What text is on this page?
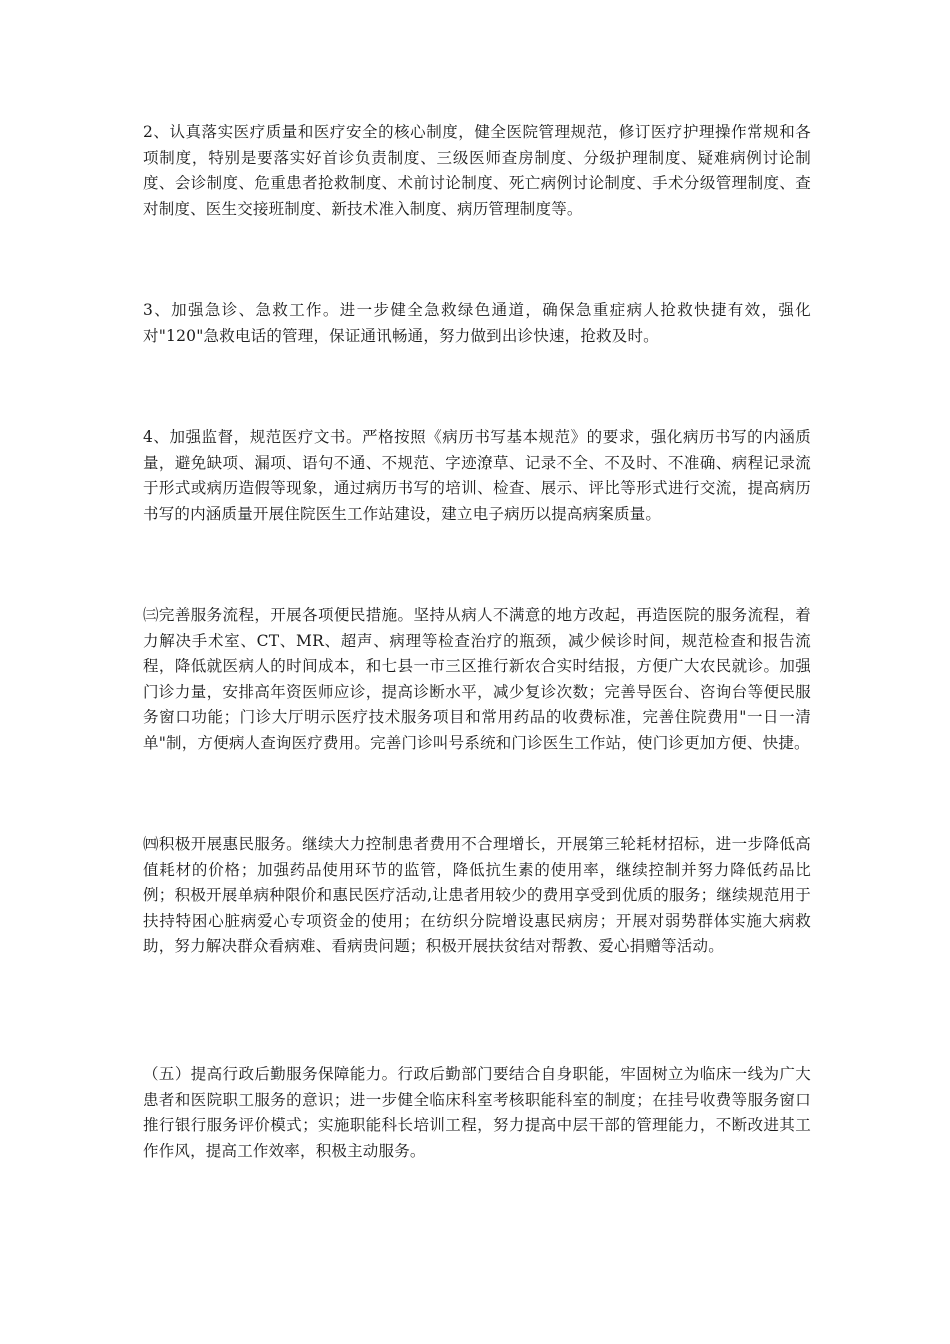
2、认真落实医疗质量和医疗安全的核心制度，健全医院管理规范，修订医疗护理操作常规和各项制度，特别是要落实好首诊负责制度、三级医师查房制度、分级护理制度、疑难病例讨论制度、会诊制度、危重患者抢救制度、术前讨论制度、死亡病例讨论制度、手术分级管理制度、查对制度、医生交接班制度、新技术准入制度、病历管理制度等。

3、加强急诊、急救工作。进一步健全急救绿色通道，确保急重症病人抢救快捷有效，强化对"120"急救电话的管理，保证通讯畅通，努力做到出诊快速，抢救及时。

4、加强监督，规范医疗文书。严格按照《病历书写基本规范》的要求，强化病历书写的内涵质量，避免缺项、漏项、语句不通、不规范、字迹潦草、记录不全、不及时、不准确、病程记录流于形式或病历造假等现象，通过病历书写的培训、检查、展示、评比等形式进行交流，提高病历书写的内涵质量开展住院医生工作站建设，建立电子病历以提高病案质量。

㈢完善服务流程，开展各项便民措施。坚持从病人不满意的地方改起，再造医院的服务流程，着力解决手术室、CT、MR、超声、病理等检查治疗的瓶颈，减少候诊时间，规范检查和报告流程，降低就医病人的时间成本，和七县一市三区推行新农合实时结报，方便广大农民就诊。加强门诊力量，安排高年资医师应诊，提高诊断水平，减少复诊次数；完善导医台、咨询台等便民服务窗口功能；门诊大厅明示医疗技术服务项目和常用药品的收费标准，完善住院费用"一日一清单"制，方便病人查询医疗费用。完善门诊叫号系统和门诊医生工作站，使门诊更加方便、快捷。

㈣积极开展惠民服务。继续大力控制患者费用不合理增长，开展第三轮耗材招标，进一步降低高值耗材的价格；加强药品使用环节的监管，降低抗生素的使用率，继续控制并努力降低药品比例；积极开展单病种限价和惠民医疗活动,让患者用较少的费用享受到优质的服务；继续规范用于扶持特困心脏病爱心专项资金的使用；在纺织分院增设惠民病房；开展对弱势群体实施大病救助，努力解决群众看病难、看病贵问题；积极开展扶贫结对帮教、爱心捐赠等活动。

（五）提高行政后勤服务保障能力。行政后勤部门要结合自身职能，牢固树立为临床一线为广大患者和医院职工服务的意识；进一步健全临床科室考核职能科室的制度；在挂号收费等服务窗口推行银行服务评价模式；实施职能科长培训工程，努力提高中层干部的管理能力，不断改进其工作作风，提高工作效率，积极主动服务。
